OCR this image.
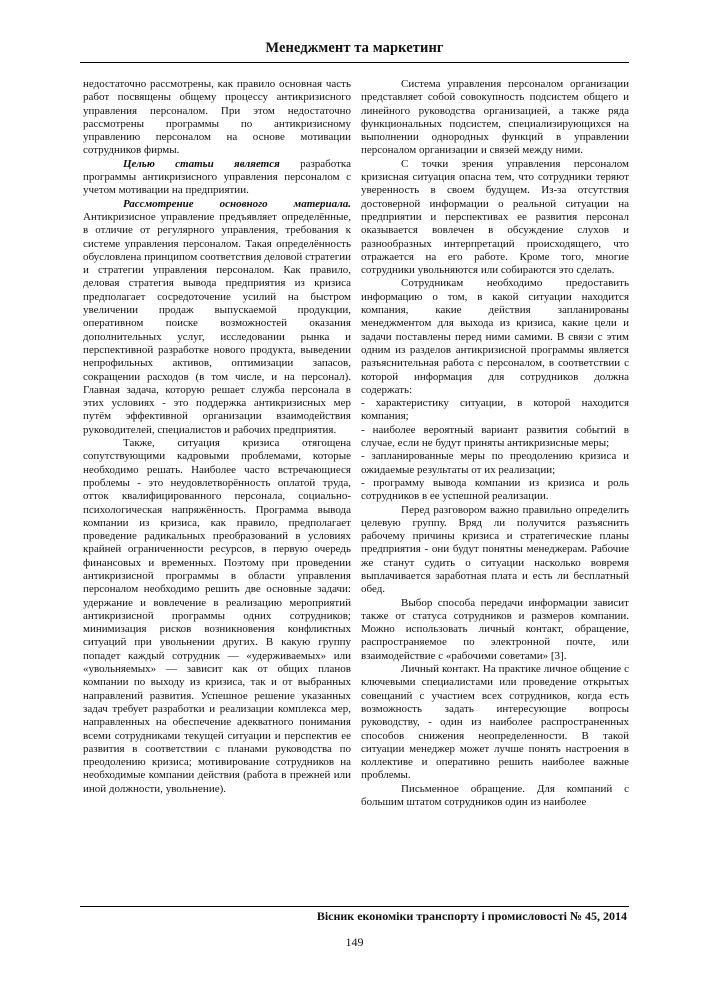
Менеджмент та маркетинг

недостаточно рассмотрены, как правило основная часть работ посвящены общему процессу антикризисного управления персоналом. При этом недостаточно рассмотрены программы по антикризисному управлению персоналом на основе мотивации сотрудников фирмы.

Целью статьи является разработка программы антикризисного управления персоналом с учетом мотивации на предприятии.

Рассмотрение основного материала. Антикризисное управление предъявляет определённые, в отличие от регулярного управления, требования к системе управления персоналом. Такая определённость обусловлена принципом соответствия деловой стратегии и стратегии управления персоналом. Как правило, деловая стратегия вывода предприятия из кризиса предполагает сосредоточение усилий на быстром увеличении продаж выпускаемой продукции, оперативном поиске возможностей оказания дополнительных услуг, исследовании рынка и перспективной разработке нового продукта, выведении непрофильных активов, оптимизации запасов, сокращении расходов (в том числе, и на персонал). Главная задача, которую решает служба персонала в этих условиях - это поддержка антикризисных мер путём эффективной организации взаимодействия руководителей, специалистов и рабочих предприятия.

Также, ситуация кризиса отягощена сопутствующими кадровыми проблемами, которые необходимо решать. Наиболее часто встречающиеся проблемы - это неудовлетворённость оплатой труда, отток квалифицированного персонала, социально-психологическая напряжённость. Программа вывода компании из кризиса, как правило, предполагает проведение радикальных преобразований в условиях крайней ограниченности ресурсов, в первую очередь финансовых и временных. Поэтому при проведении антикризисной программы в области управления персоналом необходимо решить две основные задачи: удержание и вовлечение в реализацию мероприятий антикризисной программы одних сотрудников; минимизация рисков возникновения конфликтных ситуаций при увольнении других. В какую группу попадет каждый сотрудник — «удерживаемых» или «увольняемых» — зависит как от общих планов компании по выходу из кризиса, так и от выбранных направлений развития. Успешное решение указанных задач требует разработки и реализации комплекса мер, направленных на обеспечение адекватного понимания всеми сотрудниками текущей ситуации и перспектив ее развития в соответствии с планами руководства по преодолению кризиса; мотивирование сотрудников на необходимые компании действия (работа в прежней или иной должности, увольнение).

Система управления персоналом организации представляет собой совокупность подсистем общего и линейного руководства организацией, а также ряда функциональных подсистем, специализирующихся на выполнении однородных функций в управлении персоналом организации и связей между ними.

С точки зрения управления персоналом кризисная ситуация опасна тем, что сотрудники теряют уверенность в своем будущем. Из-за отсутствия достоверной информации о реальной ситуации на предприятии и перспективах ее развития персонал оказывается вовлечен в обсуждение слухов и разнообразных интерпретаций происходящего, что отражается на его работе. Кроме того, многие сотрудники увольняются или собираются это сделать.

Сотрудникам необходимо предоставить информацию о том, в какой ситуации находится компания, какие действия запланированы менеджментом для выхода из кризиса, какие цели и задачи поставлены перед ними самими. В связи с этим одним из разделов антикризисной программы является разъяснительная работа с персоналом, в соответствии с которой информация для сотрудников должна содержать:

- характеристику ситуации, в которой находится компания;

- наиболее вероятный вариант развития событий в случае, если не будут приняты антикризисные меры;

- запланированные меры по преодолению кризиса и ожидаемые результаты от их реализации;

- программу вывода компании из кризиса и роль сотрудников в ее успешной реализации.

Перед разговором важно правильно определить целевую группу. Вряд ли получится разъяснить рабочему причины кризиса и стратегические планы предприятия - они будут понятны менеджерам. Рабочие же станут судить о ситуации насколько вовремя выплачивается заработная плата и есть ли бесплатный обед.

Выбор способа передачи информации зависит также от статуса сотрудников и размеров компании. Можно использовать личный контакт, обращение, распространяемое по электронной почте, или взаимодействие с «рабочими советами» [3].

Личный контакт. На практике личное общение с ключевыми специалистами или проведение открытых совещаний с участием всех сотрудников, когда есть возможность задать интересующие вопросы руководству, - один из наиболее распространенных способов снижения неопределенности. В такой ситуации менеджер может лучше понять настроения в коллективе и оперативно решить наиболее важные проблемы.

Письменное обращение. Для компаний с большим штатом сотрудников один из наиболее

Вісник економіки транспорту і промисловості № 45, 2014
149
